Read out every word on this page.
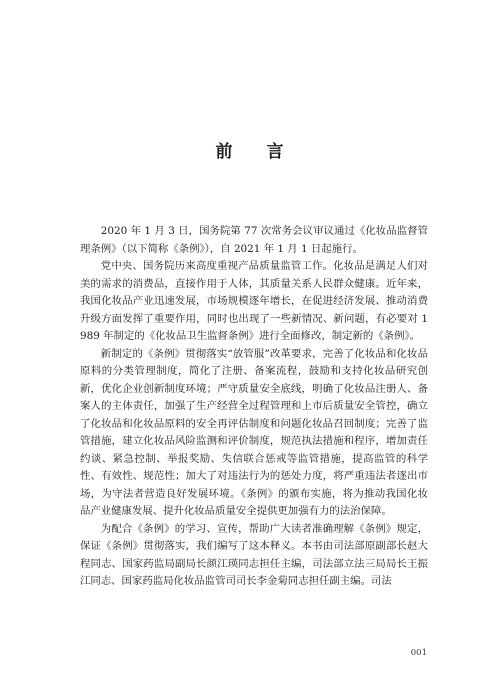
前 言

2020 年 1 月 3 日，国务院第 77 次常务会议审议通过《化妆品监督管理条例》（以下简称《条例》），自 2021 年 1 月 1 日起施行。

党中央、国务院历来高度重视产品质量监管工作。化妆品是满足人们对美的需求的消费品，直接作用于人体，其质量关系人民群众健康。近年来，我国化妆品产业迅速发展，市场规模逐年增长，在促进经济发展、推动消费升级方面发挥了重要作用，同时也出现了一些新情况、新问题，有必要对 1989 年制定的《化妆品卫生监督条例》进行全面修改，制定新的《条例》。

新制定的《条例》贯彻落实“放管服”改革要求，完善了化妆品和化妆品原料的分类管理制度，简化了注册、备案流程，鼓励和支持化妆品研究创新，优化企业创新制度环境；严守质量安全底线，明确了化妆品注册人、备案人的主体责任，加强了生产经营全过程管理和上市后质量安全管控，确立了化妆品和化妆品原料的安全再评估制度和问题化妆品召回制度；完善了监管措施，建立化妆品风险监测和评价制度，规范执法措施和程序，增加责任约谈、紧急控制、举报奖励、失信联合惩戒等监管措施，提高监管的科学性、有效性、规范性；加大了对违法行为的惩处力度，将严重违法者逐出市场，为守法者营造良好发展环境。《条例》的颁布实施，将为推动我国化妆品产业健康发展、提升化妆品质量安全提供更加强有力的法治保障。

为配合《条例》的学习、宣传，帮助广大读者准确理解《条例》规定，保证《条例》贯彻落实，我们编写了这本释义。本书由司法部原副部长赵大程同志、国家药监局副局长颜江瑛同志担任主编，司法部立法三局局长王振江同志、国家药监局化妆品监管司司长李金菊同志担任副主编。司法

001
